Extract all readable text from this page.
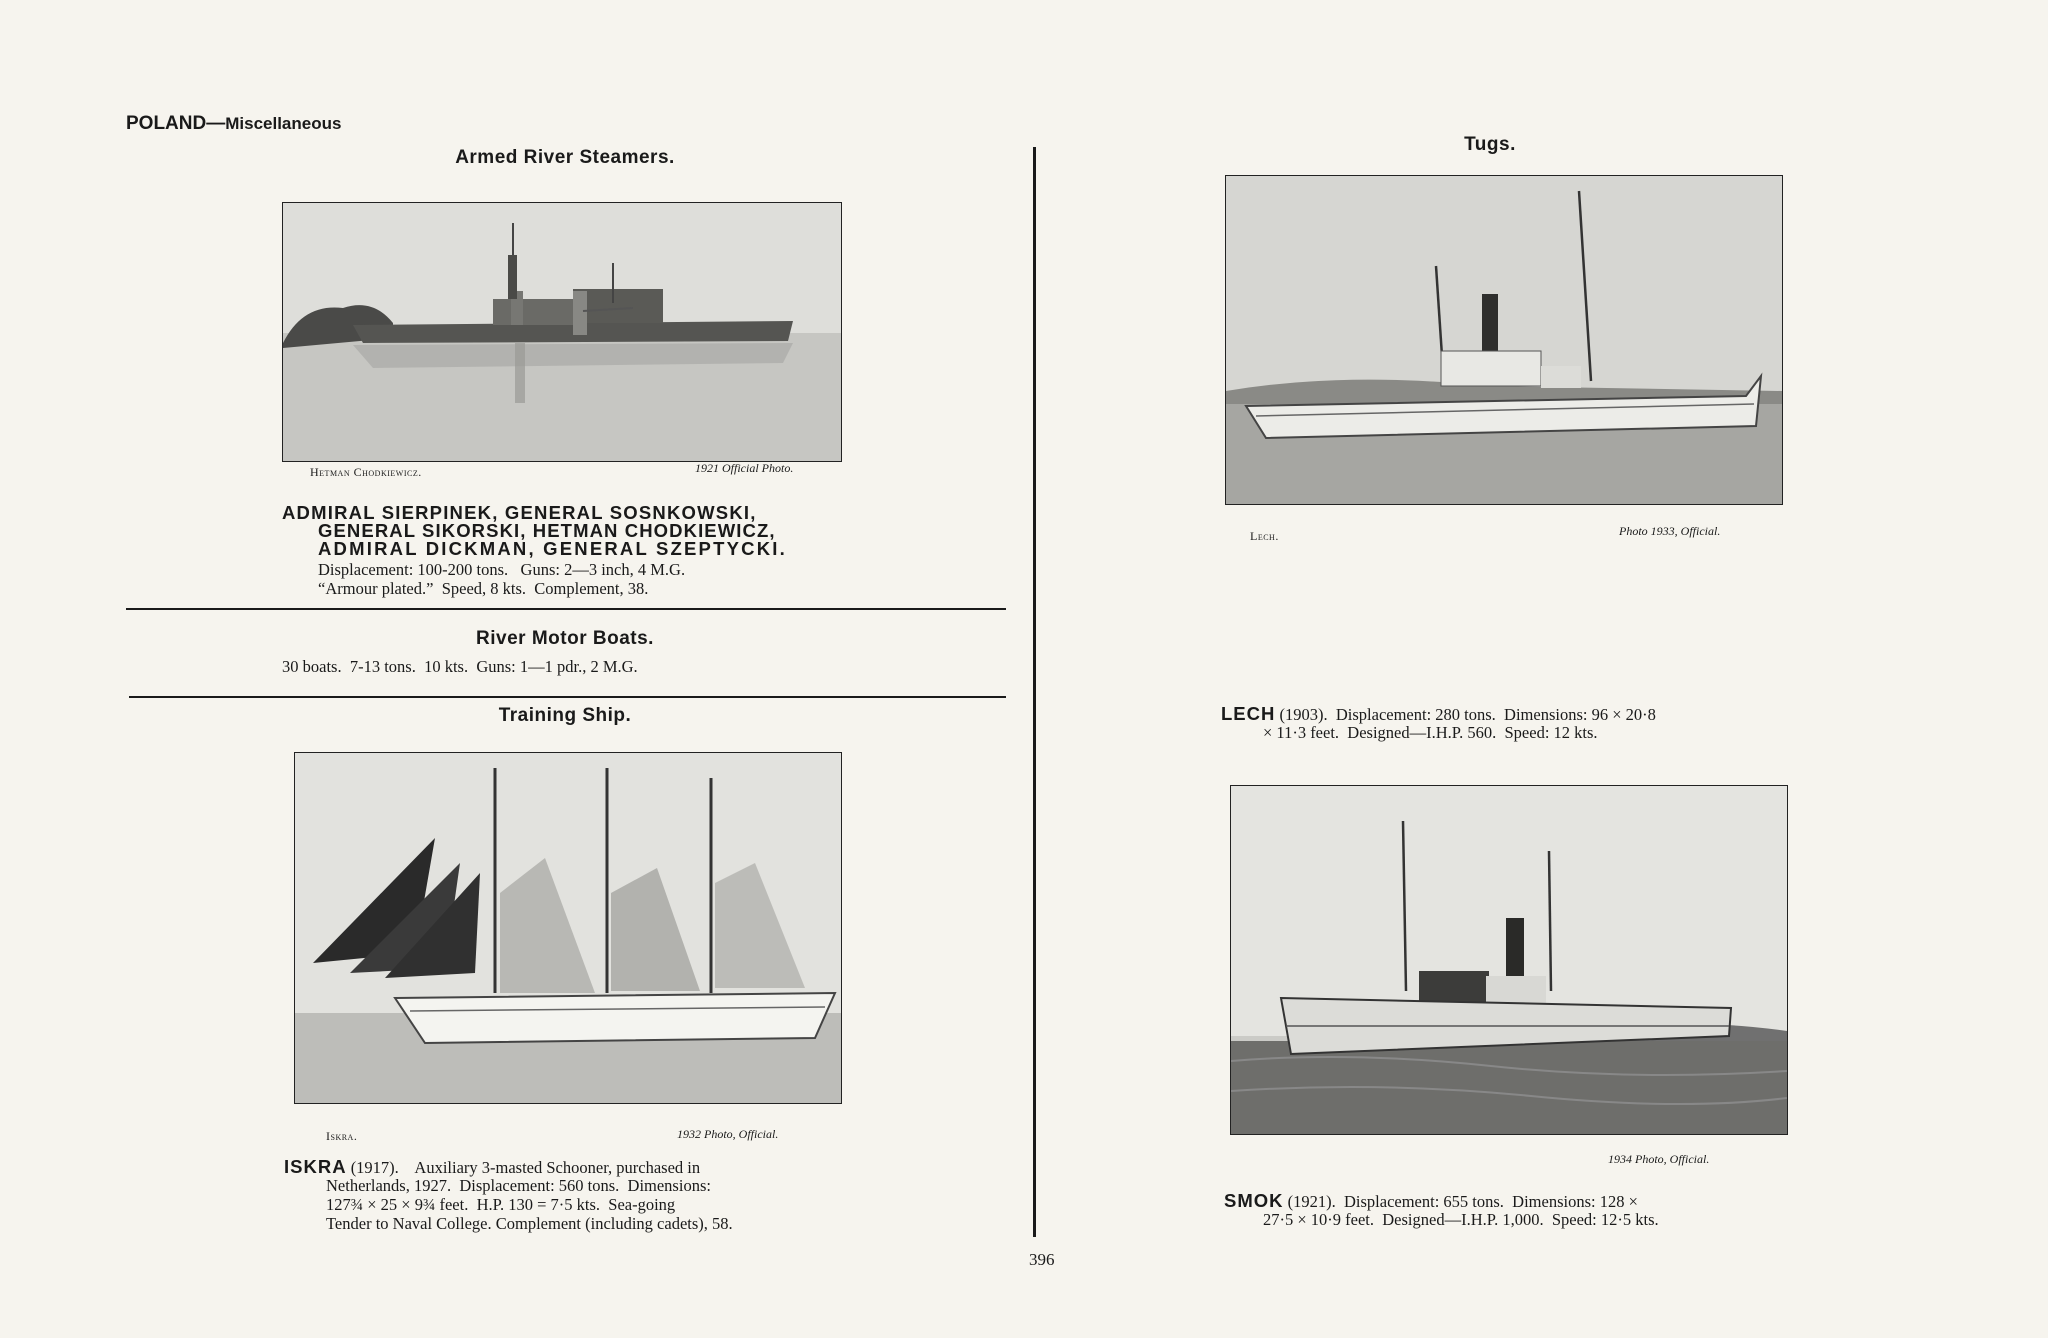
POLAND—Miscellaneous
Armed River Steamers.
Hetman Chodkiewicz.	1921 Official Photo.
ADMIRAL SIERPINEK, GENERAL SOSNKOWSKI,
GENERAL SIKORSKI, HETMAN CHODKIEWICZ,
ADMIRAL DICKMAN, GENERAL SZEPTYCKI.
Displacement: 100-200 tons.   Guns: 2—3 inch, 4 M.G.
“Armour plated.”  Speed, 8 kts.  Complement, 38.
River Motor Boats.
30 boats.  7-13 tons.  10 kts.  Guns: 1—1 pdr., 2 M.G.
Training Ship.
Iskra.	1932 Photo, Official.
ISKRA (1917). Auxiliary 3-masted Schooner, purchased in
Netherlands, 1927.  Displacement: 560 tons.  Dimensions:
127¾ × 25 × 9¾ feet.  H.P. 130 = 7·5 kts.  Sea-going
Tender to Naval College. Complement (including cadets), 58.
Tugs.
Lech.	Photo 1933, Official.
LECH (1903).  Displacement: 280 tons.  Dimensions: 96 × 20·8
× 11·3 feet.  Designed—I.H.P. 560.  Speed: 12 kts.
1934 Photo, Official.
SMOK (1921).  Displacement: 655 tons.  Dimensions: 128 ×
27·5 × 10·9 feet.  Designed—I.H.P. 1,000.  Speed: 12·5 kts.
396
